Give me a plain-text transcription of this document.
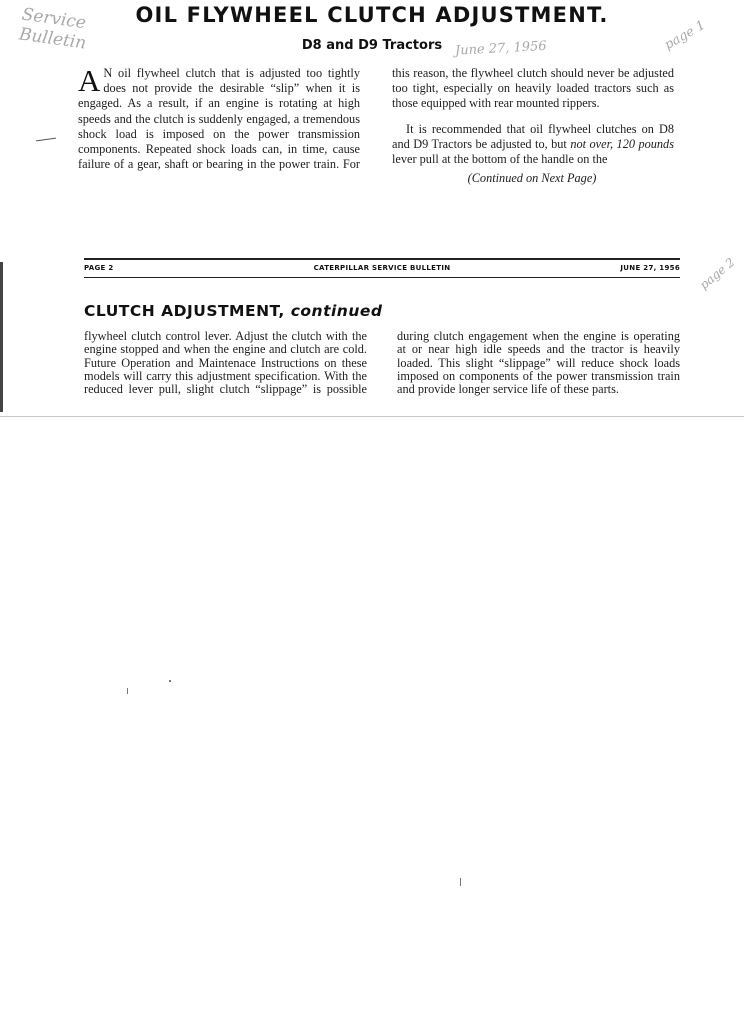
Service Bulletin	June 27, 1956	page 1
page 2
OIL FLYWHEEL CLUTCH ADJUSTMENT.
D8 and D9 Tractors

A N oil flywheel clutch that is adjusted too tightly does not provide the desirable “slip” when it is engaged. As a result, if an engine is rotating at high speeds and the clutch is suddenly engaged, a tremendous shock load is imposed on the power transmission components. Repeated shock loads can, in time, cause failure of a gear, shaft or bearing in the power train. For this reason, the flywheel clutch should never be adjusted too tight, especially on heavily loaded tractors such as those equipped with rear mounted rippers.

It is recommended that oil flywheel clutches on D8 and D9 Tractors be adjusted to, but not over, 120 pounds lever pull at the bottom of the handle on the

(Continued on Next Page)
PAGE 2	CATERPILLAR SERVICE BULLETIN	JUNE 27, 1956
CLUTCH ADJUSTMENT, continued

flywheel clutch control lever. Adjust the clutch with the engine stopped and when the engine and clutch are cold. Future Operation and Maintenace Instructions on these models will carry this adjustment specification. With the reduced lever pull, slight clutch “slippage” is possible during clutch engagement when the engine is operating at or near high idle speeds and the tractor is heavily loaded. This slight “slippage” will reduce shock loads imposed on components of the power transmission train and provide longer service life of these parts.
